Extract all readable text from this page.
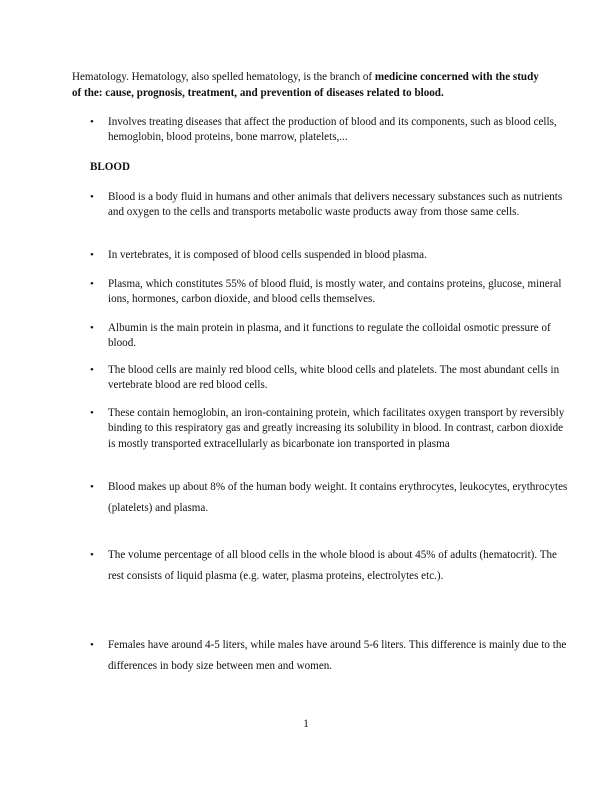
Hematology. Hematology, also spelled hematology, is the branch of medicine concerned with the study of the: cause, prognosis, treatment, and prevention of diseases related to blood.
• Involves treating diseases that affect the production of blood and its components, such as blood cells, hemoglobin, blood proteins, bone marrow, platelets,...
BLOOD
• Blood is a body fluid in humans and other animals that delivers necessary substances such as nutrients and oxygen to the cells and transports metabolic waste products away from those same cells.
• In vertebrates, it is composed of blood cells suspended in blood plasma.
• Plasma, which constitutes 55% of blood fluid, is mostly water, and contains proteins, glucose, mineral ions, hormones, carbon dioxide, and blood cells themselves.
• Albumin is the main protein in plasma, and it functions to regulate the colloidal osmotic pressure of blood.
• The blood cells are mainly red blood cells, white blood cells and platelets. The most abundant cells in vertebrate blood are red blood cells.
• These contain hemoglobin, an iron-containing protein, which facilitates oxygen transport by reversibly binding to this respiratory gas and greatly increasing its solubility in blood. In contrast, carbon dioxide is mostly transported extracellularly as bicarbonate ion transported in plasma
• Blood makes up about 8% of the human body weight. It contains erythrocytes, leukocytes, erythrocytes (platelets) and plasma.
• The volume percentage of all blood cells in the whole blood is about 45% of adults (hematocrit). The rest consists of liquid plasma (e.g. water, plasma proteins, electrolytes etc.).
• Females have around 4-5 liters, while males have around 5-6 liters. This difference is mainly due to the differences in body size between men and women.
1
